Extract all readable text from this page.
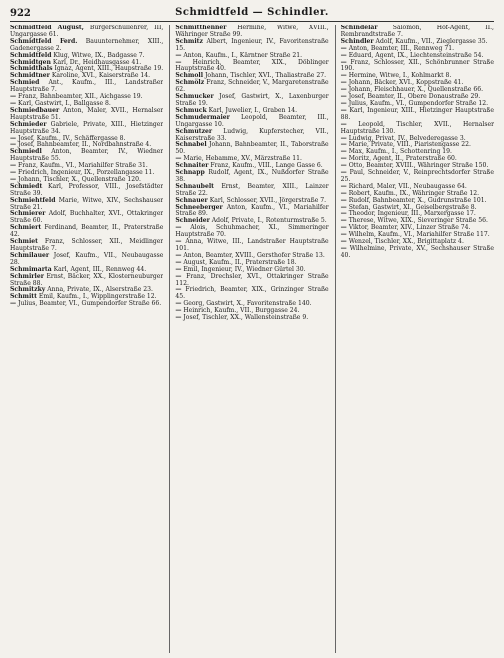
922	Schmidtfeld — Schindler.

Schmidtfeld August, Bürgerschullehrer, III, Ungargasse 61.

Schmidtfeld Ferd. Bauunternehmer, XIII., Gadenergasse 2.

Schmidtfeld Klug, Witwe, IX., Badgasse 7.

Schmidtgen Karl, Dr., Heidhausgasse 41.

Schmidthals Ignaz, Agent, XIII., Haupstraße 19.

Schmidtner Karoline, XVI., Kaiserstraße 14.

Schmied Ant., Kaufm., III., Landstraßer Hauptstraße 7.

— Franz, Bahnbeamter, XII., Aichgasse 19.

— Karl, Gastwirt, I., Ballgasse 8.

Schmiedbauer Anton, Maler, XVII., Hernalser Hauptstraße 51.

Schmieder Gabriele, Private, XIII., Hietzinger Hauptstraße 34.

— Josef, Kaufm., IV., Schäffergasse 8.

— Josef, Bahnbeamter, II., Nordbahnstraße 4.

Schmiedl Anton, Beamter, IV., Wiedner Hauptstraße 55.

— Franz, Kaufm., VI., Mariahilfer Straße 31.

— Friedrich, Ingenieur, IX., Porzellangasse 11.

— Johann, Tischler, X., Quellenstraße 120.

Schmiedt Karl, Professor, VIII., Josefstädter Straße 39.

Schmiehtfeld Marie, Witwe, XIV., Sechshauser Straße 21.

Schmierer Adolf, Buchhalter, XVI., Ottakringer Straße 60.

Schmiert Ferdinand, Beamter, II., Praterstraße 42.

Schmiet Franz, Schlosser, XII., Meidlinger Hauptstraße 7.

Schmilauer Josef, Kaufm., VII., Neubaugasse 28.

Schmimarta Karl, Agent, III., Rennweg 44.

Schmirler Ernst, Bäcker, XX., Klosterneuburger Straße 88.

Schmitzky Anna, Private, IX., Alserstraße 23.

Schmitt Emil, Kaufm., I., Wipplingerstraße 12.

— Julius, Beamter, VI., Gumpendorfer Straße 66.

Schmitthenner Hermine, Witwe, XVIII., Währinger Straße 99.

Schmitz Albert, Ingenieur, IV., Favoritenstraße 15.

— Anton, Kaufm., I., Kärntner Straße 21.

— Heinrich, Beamter, XIX., Döblinger Hauptstraße 40.

Schmoll Johann, Tischler, XVI., Thaliastraße 27.

Schmölz Franz, Schneider, V., Margaretenstraße 62.

Schmucker Josef, Gastwirt, X., Laxenburger Straße 19.

Schmuck Karl, Juwelier, I., Graben 14.

Schmudermaier Leopold, Beamter, III., Ungargasse 10.

Schmutzer Ludwig, Kupferstecher, VII., Kaiserstraße 33.

Schnabel Johann, Bahnbeamter, II., Taborstraße 50.

— Marie, Hebamme, XV., Märzstraße 11.

Schnaiter Franz, Kaufm., VIII., Lange Gasse 6.

Schnapp Rudolf, Agent, IX., Nußdorfer Straße 38.

Schnaubelt Ernst, Beamter, XIII., Lainzer Straße 22.

Schnauer Karl, Schlosser, XVII., Jörgerstraße 7.

Schneeberger Anton, Kaufm., VI., Mariahilfer Straße 89.

Schneider Adolf, Private, I., Rotenturmstraße 5.

— Alois, Schuhmacher, XI., Simmeringer Hauptstraße 70.

— Anna, Witwe, III., Landstraßer Hauptstraße 101.

— Anton, Beamter, XVIII., Gersthofer Straße 13.

— August, Kaufm., II., Praterstraße 18.

— Emil, Ingenieur, IV., Wiedner Gürtel 30.

— Franz, Drechsler, XVI., Ottakringer Straße 112.

— Friedrich, Beamter, XIX., Grinzinger Straße 45.

— Georg, Gastwirt, X., Favoritenstraße 140.

— Heinrich, Kaufm., VII., Burggasse 24.

— Josef, Tischler, XX., Wallensteinstraße 9.

Schindelar Salomon, Hof-Agent, II., Rembrandtstraße 7.

Schindler Adolf, Kaufm., VII., Zieglergasse 35.

— Anton, Beamter, III., Rennweg 71.

— Eduard, Agent, IX., Liechtensteinstraße 54.

— Franz, Schlosser, XII., Schönbrunner Straße 190.

— Hermine, Witwe, I., Kohlmarkt 8.

— Johann, Bäcker, XVI., Koppstraße 41.

— Johann, Fleischhauer, X., Quellenstraße 66.

— Josef, Beamter, II., Obere Donaustraße 29.

— Julius, Kaufm., VI., Gumpendorfer Straße 12.

— Karl, Ingenieur, XIII., Hietzinger Hauptstraße 88.

— Leopold, Tischler, XVII., Hernalser Hauptstraße 130.

— Ludwig, Privat, IV., Belvederegasse 3.

— Marie, Private, VIII., Piaristengasse 22.

— Max, Kaufm., I., Schottenring 19.

— Moritz, Agent, II., Praterstraße 60.

— Otto, Beamter, XVIII., Währinger Straße 150.

— Paul, Schneider, V., Reinprechtsdorfer Straße 25.

— Richard, Maler, VII., Neubaugasse 64.

— Robert, Kaufm., IX., Währinger Straße 12.

— Rudolf, Bahnbeamter, X., Gudrunstraße 101.

— Stefan, Gastwirt, XI., Geiselbergstraße 8.

— Theodor, Ingenieur, III., Marxergasse 17.

— Therese, Witwe, XIX., Sieveringer Straße 56.

— Viktor, Beamter, XIV., Linzer Straße 74.

— Wilhelm, Kaufm., VI., Mariahilfer Straße 117.

— Wenzel, Tischler, XX., Brigittaplatz 4.

— Wilhelmine, Private, XV., Sechshauser Straße 40.
